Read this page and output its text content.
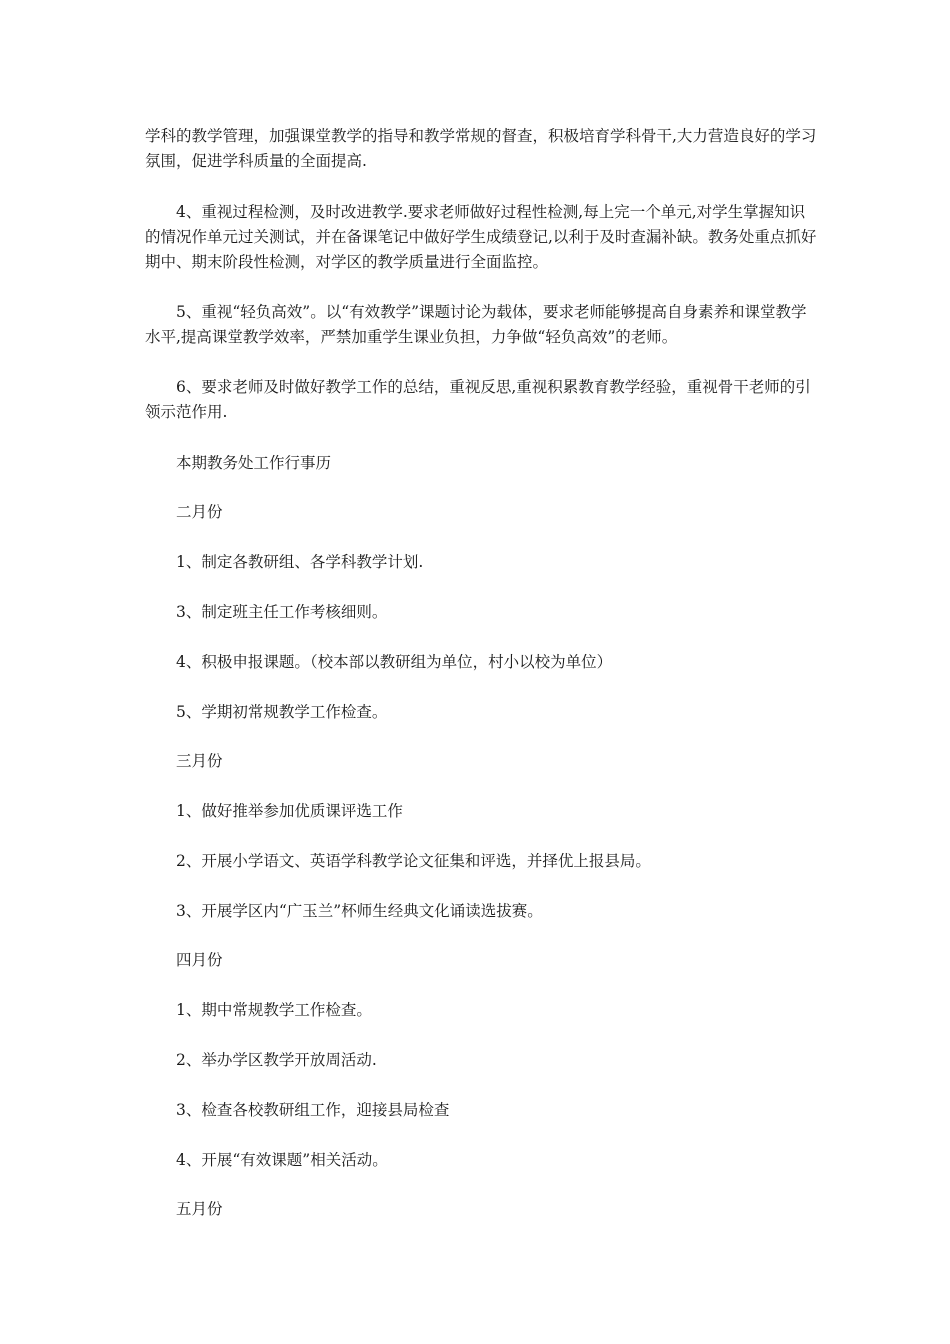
学科的教学管理，加强课堂教学的指导和教学常规的督查，积极培育学科骨干,大力营造良好的学习氛围，促进学科质量的全面提高.

4、重视过程检测，及时改进教学.要求老师做好过程性检测,每上完一个单元,对学生掌握知识的情况作单元过关测试，并在备课笔记中做好学生成绩登记,以利于及时查漏补缺。教务处重点抓好期中、期末阶段性检测，对学区的教学质量进行全面监控。

5、重视“轻负高效”。以“有效教学”课题讨论为载体，要求老师能够提高自身素养和课堂教学水平,提高课堂教学效率，严禁加重学生课业负担，力争做“轻负高效”的老师。

6、要求老师及时做好教学工作的总结，重视反思,重视积累教育教学经验，重视骨干老师的引领示范作用.

本期教务处工作行事历

二月份

1、制定各教研组、各学科教学计划.

3、制定班主任工作考核细则。

4、积极申报课题。（校本部以教研组为单位，村小以校为单位）

5、学期初常规教学工作检查。

三月份

1、做好推举参加优质课评选工作

2、开展小学语文、英语学科教学论文征集和评选，并择优上报县局。

3、开展学区内“广玉兰”杯师生经典文化诵读选拔赛。

四月份

1、期中常规教学工作检查。

2、举办学区教学开放周活动.

3、检查各校教研组工作，迎接县局检查

4、开展“有效课题”相关活动。

五月份
